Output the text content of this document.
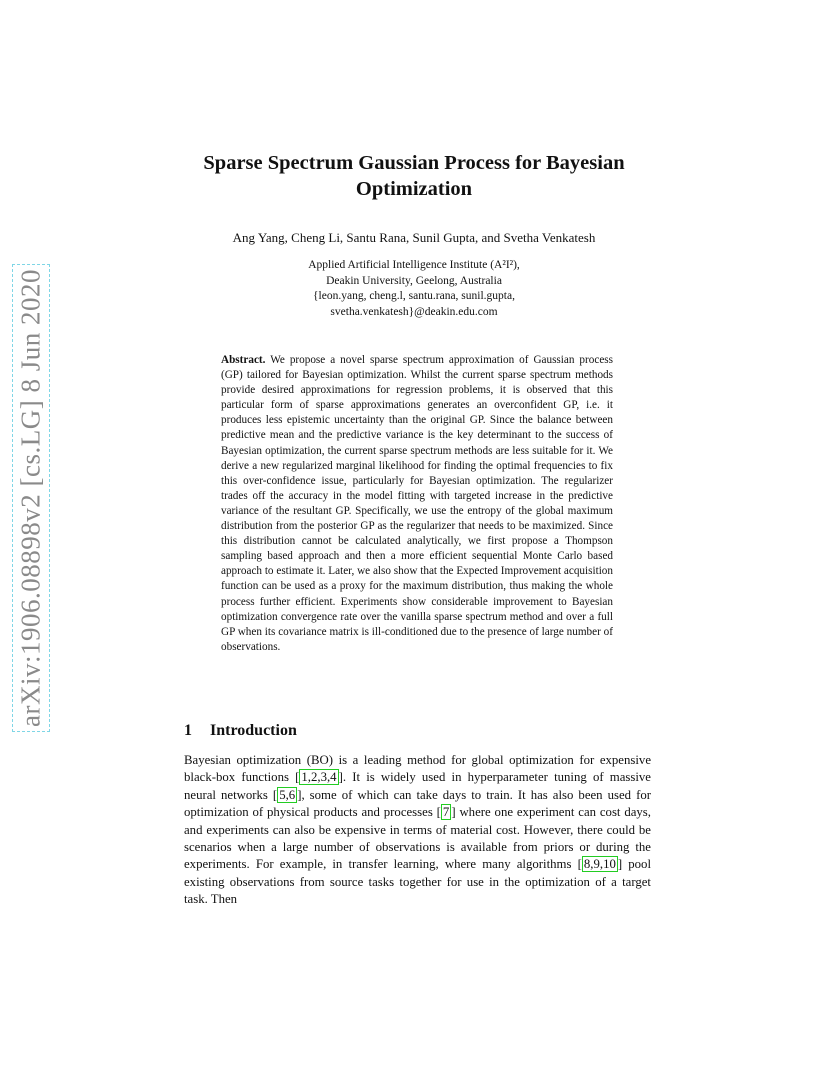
arXiv:1906.08898v2 [cs.LG] 8 Jun 2020
Sparse Spectrum Gaussian Process for Bayesian
Optimization
Ang Yang, Cheng Li, Santu Rana, Sunil Gupta, and Svetha Venkatesh
Applied Artificial Intelligence Institute (A²I²),
Deakin University, Geelong, Australia
{leon.yang, cheng.l, santu.rana, sunil.gupta,
svetha.venkatesh}@deakin.edu.com
Abstract. We propose a novel sparse spectrum approximation of Gaussian process (GP) tailored for Bayesian optimization. Whilst the current sparse spectrum methods provide desired approximations for regression problems, it is observed that this particular form of sparse approximations generates an overconfident GP, i.e. it produces less epistemic uncertainty than the original GP. Since the balance between predictive mean and the predictive variance is the key determinant to the success of Bayesian optimization, the current sparse spectrum methods are less suitable for it. We derive a new regularized marginal likelihood for finding the optimal frequencies to fix this over-confidence issue, particularly for Bayesian optimization. The regularizer trades off the accuracy in the model fitting with targeted increase in the predictive variance of the resultant GP. Specifically, we use the entropy of the global maximum distribution from the posterior GP as the regularizer that needs to be maximized. Since this distribution cannot be calculated analytically, we first propose a Thompson sampling based approach and then a more efficient sequential Monte Carlo based approach to estimate it. Later, we also show that the Expected Improvement acquisition function can be used as a proxy for the maximum distribution, thus making the whole process further efficient. Experiments show considerable improvement to Bayesian optimization convergence rate over the vanilla sparse spectrum method and over a full GP when its covariance matrix is ill-conditioned due to the presence of large number of observations.
1 Introduction
Bayesian optimization (BO) is a leading method for global optimization for expensive black-box functions [ 1,2,3,4 ]. It is widely used in hyperparameter tuning of massive neural networks [ 5,6 ], some of which can take days to train. It has also been used for optimization of physical products and processes [ 7 ] where one experiment can cost days, and experiments can also be expensive in terms of material cost. However, there could be scenarios when a large number of observations is available from priors or during the experiments. For example, in transfer learning, where many algorithms [ 8,9,10 ] pool existing observations from source tasks together for use in the optimization of a target task. Then
